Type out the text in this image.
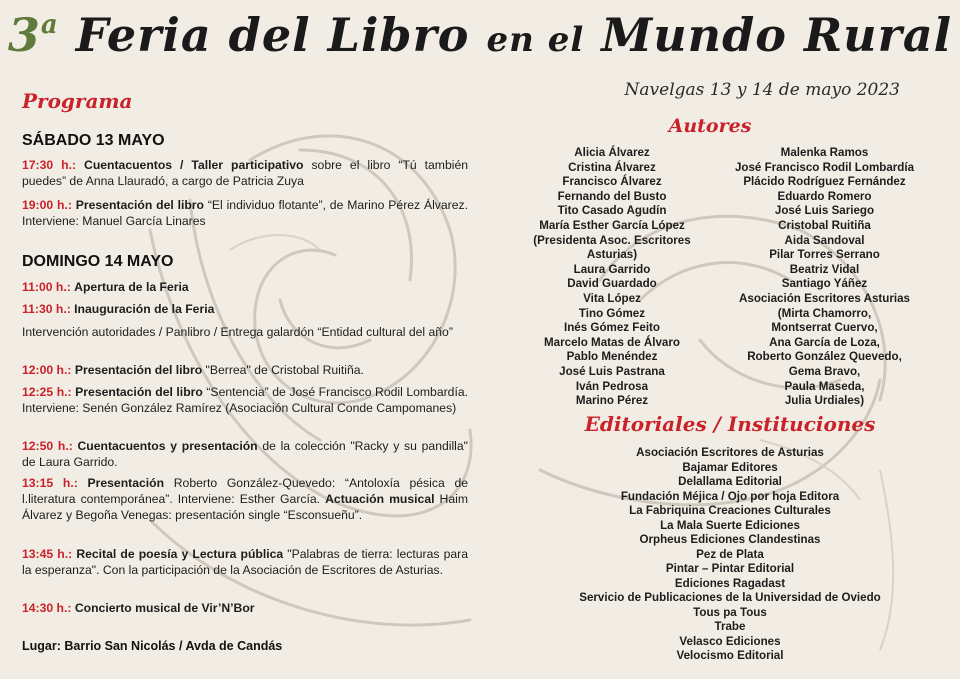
3$^a$ Feria del Libro en el Mundo Rural
Navelgas 13 y 14 de mayo 2023
Programa
SÁBADO 13 MAYO
17:30 h.: Cuentacuentos / Taller participativo sobre el libro “Tú también puedes” de Anna Llauradó, a cargo de Patricia Zuya
19:00 h.: Presentación del libro “El individuo flotante”, de Marino Pérez Álvarez. Interviene: Manuel García Linares
DOMINGO 14 MAYO
11:00 h.: Apertura de la Feria
11:30 h.: Inauguración de la Feria
Intervención autoridades / Panlibro / Entrega galardón “Entidad cultural del año”
12:00 h.: Presentación del libro "Berrea" de Cristobal Ruitiña.
12:25 h.: Presentación del libro “Sentencia” de José Francisco Rodil Lombardía. Interviene: Senén González Ramírez (Asociación Cultural Conde Campomanes)
12:50 h.: Cuentacuentos y presentación de la colección "Racky y su pandilla" de Laura Garrido.
13:15 h.: Presentación Roberto González-Quevedo: “Antoloxía pésica de l.literatura contemporánea”. Interviene: Esther García. Actuación musical Haim Álvarez y Begoña Venegas: presentación single “Esconsueñu”.
13:45 h.: Recital de poesía y Lectura pública "Palabras de tierra: lecturas para la esperanza". Con la participación de la Asociación de Escritores de Asturias.
14:30 h.: Concierto musical de Vir’N’Bor
Lugar: Barrio San Nicolás / Avda de Candás
Autores
Alicia Álvarez
Cristina Álvarez
Francisco Álvarez
Fernando del Busto
Tito Casado Agudín
María Esther García López
(Presidenta Asoc. Escritores
Asturias)
Laura Garrido
David Guardado
Vita López
Tino Gómez
Inés Gómez Feito
Marcelo Matas de Álvaro
Pablo Menéndez
José Luis Pastrana
Iván Pedrosa
Marino Pérez
Malenka Ramos
José Francisco Rodil Lombardía
Plácido Rodríguez Fernández
Eduardo Romero
José Luis Sariego
Cristobal Ruitiña
Aida Sandoval
Pilar Torres Serrano
Beatriz Vidal
Santiago Yáñez
Asociación Escritores Asturias
(Mirta Chamorro,
Montserrat Cuervo,
Ana García de Loza,
Roberto González Quevedo,
Gema Bravo,
Paula Maseda,
Julia Urdiales)
Editoriales / Instituciones
Asociación Escritores de Asturias
Bajamar Editores
Delallama Editorial
Fundación Méjica / Ojo por hoja Editora
La Fabriquina Creaciones Culturales
La Mala Suerte Ediciones
Orpheus Ediciones Clandestinas
Pez de Plata
Pintar – Pintar Editorial
Ediciones Ragadast
Servicio de Publicaciones de la Universidad de Oviedo
Tous pa Tous
Trabe
Velasco Ediciones
Velocismo Editorial
